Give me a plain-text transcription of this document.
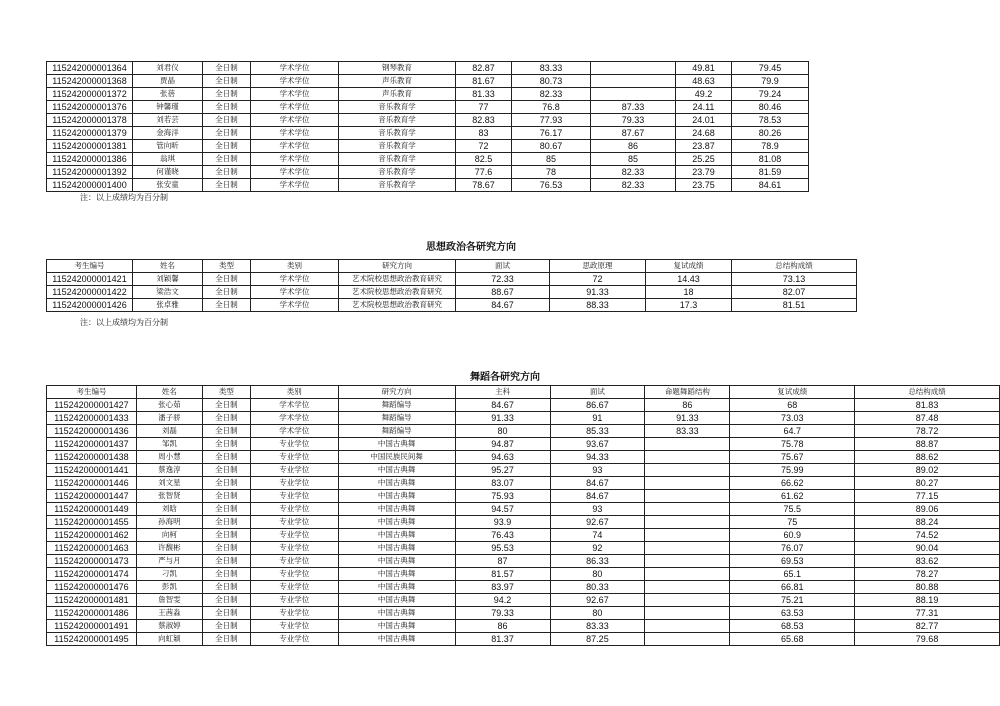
115242000001364	刘君仪	全日制	学术学位	钢琴教育	82.87	83.33		49.81	79.45
115242000001368	贾晶	全日制	学术学位	声乐教育	81.67	80.73		48.63	79.9
115242000001372	张蓓	全日制	学术学位	声乐教育	81.33	82.33		49.2	79.24
115242000001376	钟馨瑾	全日制	学术学位	音乐教育学	77	76.8	87.33	24.11	80.46
115242000001378	刘若芸	全日制	学术学位	音乐教育学	82.83	77.93	79.33	24.01	78.53
115242000001379	金海洋	全日制	学术学位	音乐教育学	83	76.17	87.67	24.68	80.26
115242000001381	管向昕	全日制	学术学位	音乐教育学	72	80.67	86	23.87	78.9
115242000001386	翁琪	全日制	学术学位	音乐教育学	82.5	85	85	25.25	81.08
115242000001392	何谨晓	全日制	学术学位	音乐教育学	77.6	78	82.33	23.79	81.59
115242000001400	张安童	全日制	学术学位	音乐教育学	78.67	76.53	82.33	23.75	84.61
注：以上成绩均为百分制
思想政治各研究方向
考生编号	姓名	类型	类别	研究方向	面试	思政原理	复试成绩	总结构成绩
115242000001421	刘颖馨	全日制	学术学位	艺术院校思想政治教育研究	72.33	72	14.43	73.13
115242000001422	梁浩文	全日制	学术学位	艺术院校思想政治教育研究	88.67	91.33	18	82.07
115242000001426	张卓雅	全日制	学术学位	艺术院校思想政治教育研究	84.67	88.33	17.3	81.51
注：以上成绩均为百分制
舞蹈各研究方向
考生编号	姓名	类型	类别	研究方向	主科	面试	命题舞蹈结构	复试成绩	总结构成绩
115242000001427	张心茹	全日制	学术学位	舞蹈编导	84.67	86.67	86	68	81.83
115242000001433	潘子骄	全日制	学术学位	舞蹈编导	91.33	91	91.33	73.03	87.48
115242000001436	刘磊	全日制	学术学位	舞蹈编导	80	85.33	83.33	64.7	78.72
115242000001437	邹凯	全日制	专业学位	中国古典舞	94.87	93.67		75.78	88.87
115242000001438	周小慧	全日制	专业学位	中国民族民间舞	94.63	94.33		75.67	88.62
115242000001441	蔡逸淳	全日制	专业学位	中国古典舞	95.27	93		75.99	89.02
115242000001446	刘文星	全日制	专业学位	中国古典舞	83.07	84.67		66.62	80.27
115242000001447	张智贤	全日制	专业学位	中国古典舞	75.93	84.67		61.62	77.15
115242000001449	刘晗	全日制	专业学位	中国古典舞	94.57	93		75.5	89.06
115242000001455	孙海明	全日制	专业学位	中国古典舞	93.9	92.67		75	88.24
115242000001462	向柯	全日制	专业学位	中国古典舞	76.43	74		60.9	74.52
115242000001463	许馥彬	全日制	专业学位	中国古典舞	95.53	92		76.07	90.04
115242000001473	严与月	全日制	专业学位	中国古典舞	87	86.33		69.53	83.62
115242000001474	刁凯	全日制	专业学位	中国古典舞	81.57	80		65.1	78.27
115242000001476	彭凯	全日制	专业学位	中国古典舞	83.97	80.33		66.81	80.88
115242000001481	詹智雯	全日制	专业学位	中国古典舞	94.2	92.67		75.21	88.19
115242000001486	王茜淼	全日制	专业学位	中国古典舞	79.33	80		63.53	77.31
115242000001491	蔡淑婷	全日制	专业学位	中国古典舞	86	83.33		68.53	82.77
115242000001495	向虹颖	全日制	专业学位	中国古典舞	81.37	87.25		65.68	79.68
